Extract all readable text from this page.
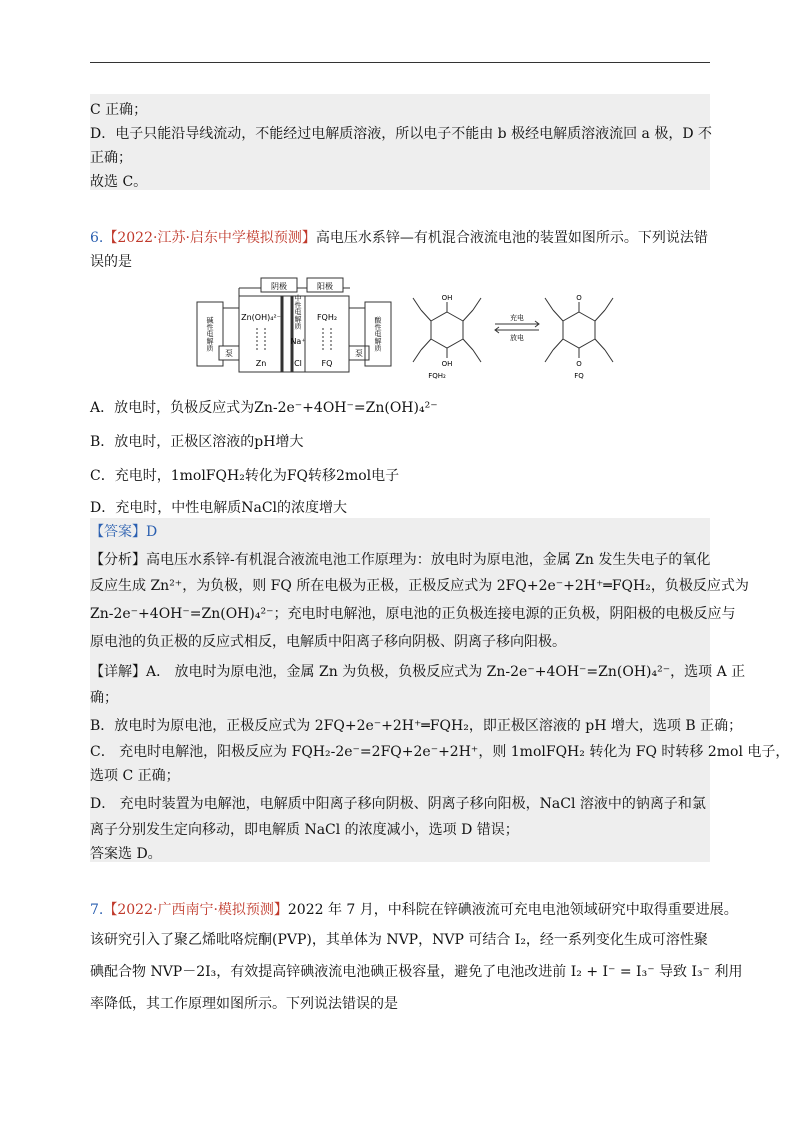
C 正确；
D．电子只能沿导线流动，不能经过电解质溶液，所以电子不能由 b 极经电解质溶液流回 a 极，D 不
正确；
故选 C。
6.【2022·江苏·启东中学模拟预测】高电压水系锌—有机混合液流电池的装置如图所示。下列说法错
误的是
碱性电解质
泵
阴极	阳极
Zn(OH)₄²⁻
Zn
中性电解质
Na⁺
Cl
FQH₂
FQ
泵
酸性电解质
OH
OH
FQH₂
充电
放电
O
O
FQ
A．放电时，负极反应式为Zn-2e⁻+4OH⁻=Zn(OH)₄²⁻
B．放电时，正极区溶液的pH增大
C．充电时，1molFQH₂转化为FQ转移2mol电子
D．充电时，中性电解质NaCl的浓度增大
【答案】D
【分析】高电压水系锌-有机混合液流电池工作原理为：放电时为原电池，金属 Zn 发生失电子的氧化
反应生成 Zn²⁺，为负极，则 FQ 所在电极为正极，正极反应式为 2FQ+2e⁻+2H⁺═FQH₂，负极反应式为
Zn-2e⁻+4OH⁻=Zn(OH)₄²⁻；充电时电解池，原电池的正负极连接电源的正负极，阴阳极的电极反应与
原电池的负正极的反应式相反，电解质中阳离子移向阴极、阴离子移向阳极。
【详解】A． 放电时为原电池，金属 Zn 为负极，负极反应式为 Zn-2e⁻+4OH⁻=Zn(OH)₄²⁻，选项 A 正
确；
B．放电时为原电池，正极反应式为 2FQ+2e⁻+2H⁺═FQH₂，即正极区溶液的 pH 增大，选项 B 正确；
C． 充电时电解池，阳极反应为 FQH₂-2e⁻=2FQ+2e⁻+2H⁺，则 1molFQH₂ 转化为 FQ 时转移 2mol 电子，
选项 C 正确；
D． 充电时装置为电解池，电解质中阳离子移向阴极、阴离子移向阳极，NaCl 溶液中的钠离子和氯
离子分别发生定向移动，即电解质 NaCl 的浓度减小，选项 D 错误；
答案选 D。
7.【2022·广西南宁·模拟预测】2022 年 7 月，中科院在锌碘液流可充电电池领域研究中取得重要进展。
该研究引入了聚乙烯吡咯烷酮(PVP)，其单体为 NVP，NVP 可结合 I₂，经一系列变化生成可溶性聚
碘配合物 NVP－2I₃，有效提高锌碘液流电池碘正极容量，避免了电池改进前 I₂ + I⁻ = I₃⁻ 导致 I₃⁻ 利用
率降低，其工作原理如图所示。下列说法错误的是
